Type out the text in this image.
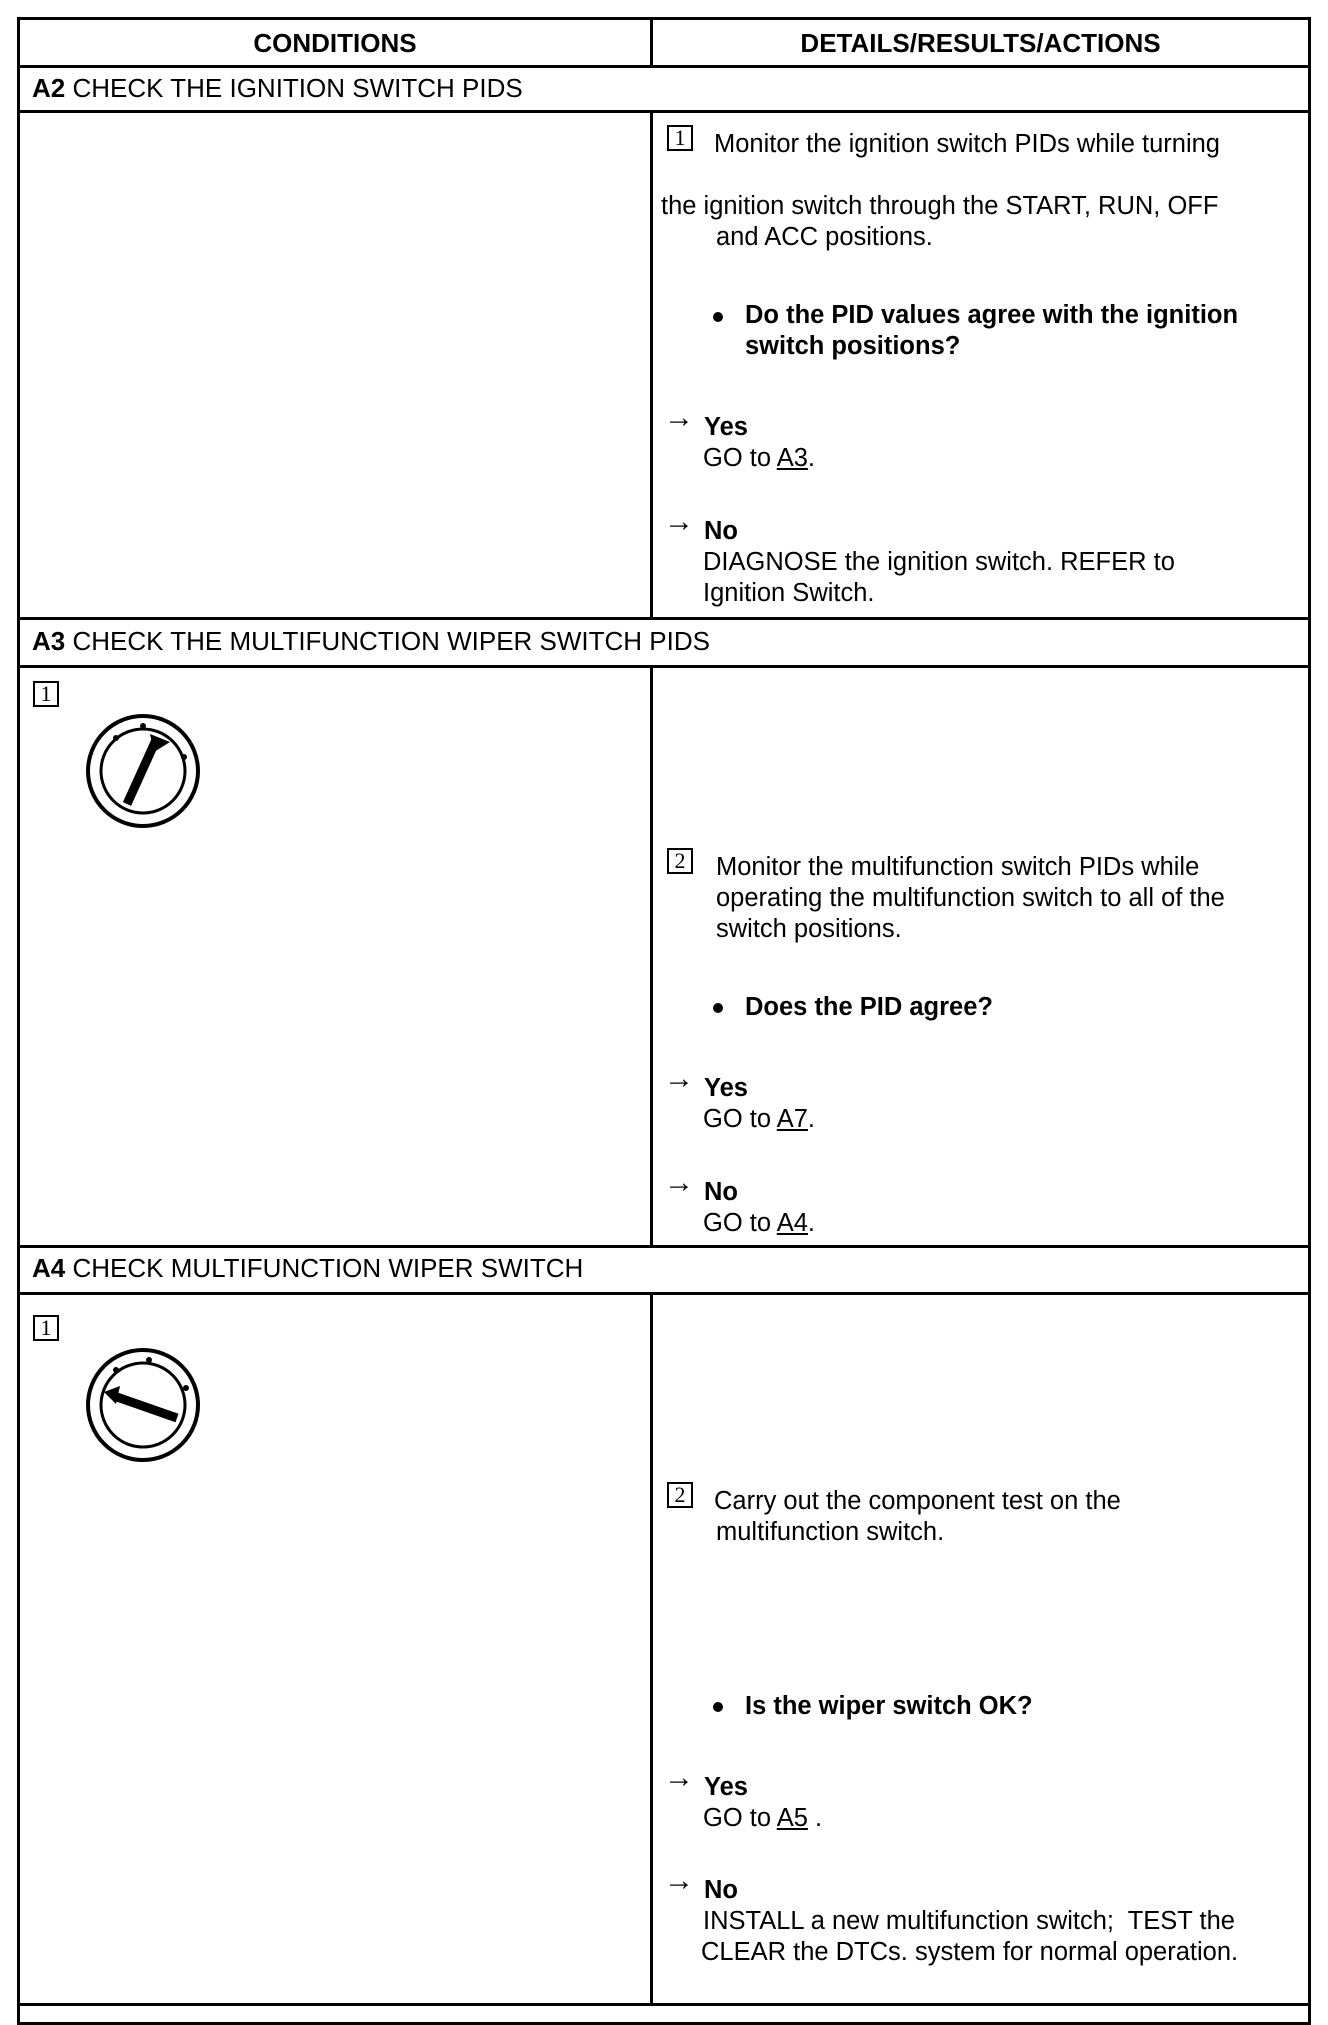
CONDITIONS	DETAILS/RESULTS/ACTIONS
A2 CHECK THE IGNITION SWITCH PIDS
1 Monitor the ignition switch PIDs while turning
the ignition switch through the START, RUN, OFF
and ACC positions.
Do the PID values agree with the ignition
switch positions?
→ Yes
GO to A3.
→ No
DIAGNOSE the ignition switch. REFER to
Ignition Switch.
A3 CHECK THE MULTIFUNCTION WIPER SWITCH PIDS
1
2 Monitor the multifunction switch PIDs while
operating the multifunction switch to all of the
switch positions.
Does the PID agree?
→ Yes
GO to A7.
→ No
GO to A4.
A4 CHECK MULTIFUNCTION WIPER SWITCH
1
2 Carry out the component test on the
multifunction switch.
Is the wiper switch OK?
→ Yes
GO to A5 .
→ No
INSTALL a new multifunction switch;  TEST the
CLEAR the DTCs. system for normal operation.
